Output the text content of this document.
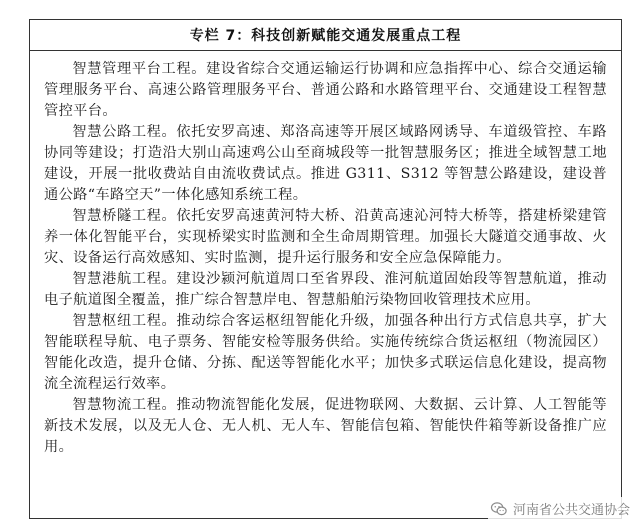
专栏 7：科技创新赋能交通发展重点工程

智慧管理平台工程。建设省综合交通运输运行协调和应急指挥中心、综合交通运输管理服务平台、高速公路管理服务平台、普通公路和水路管理平台、交通建设工程智慧管控平台。

智慧公路工程。依托安罗高速、郑洛高速等开展区域路网诱导、车道级管控、车路协同等建设；打造沿大别山高速鸡公山至商城段等一批智慧服务区；推进全域智慧工地建设，开展一批收费站自由流收费试点。推进 G311、S312 等智慧公路建设，建设普通公路“车路空天”一体化感知系统工程。

智慧桥隧工程。依托安罗高速黄河特大桥、沿黄高速沁河特大桥等，搭建桥梁建管养一体化智能平台，实现桥梁实时监测和全生命周期管理。加强长大隧道交通事故、火灾、设备运行高效感知、实时监测，提升运行服务和安全应急保障能力。

智慧港航工程。建设沙颍河航道周口至省界段、淮河航道固始段等智慧航道，推动电子航道图全覆盖，推广综合智慧岸电、智慧船舶污染物回收管理技术应用。

智慧枢纽工程。推动综合客运枢纽智能化升级，加强各种出行方式信息共享，扩大智能联程导航、电子票务、智能安检等服务供给。实施传统综合货运枢纽（物流园区）智能化改造，提升仓储、分拣、配送等智能化水平；加快多式联运信息化建设，提高物流全流程运行效率。

智慧物流工程。推动物流智能化发展，促进物联网、大数据、云计算、人工智能等新技术发展，以及无人仓、无人机、无人车、智能信包箱、智能快件箱等新设备推广应用。

河南省公共交通协会
